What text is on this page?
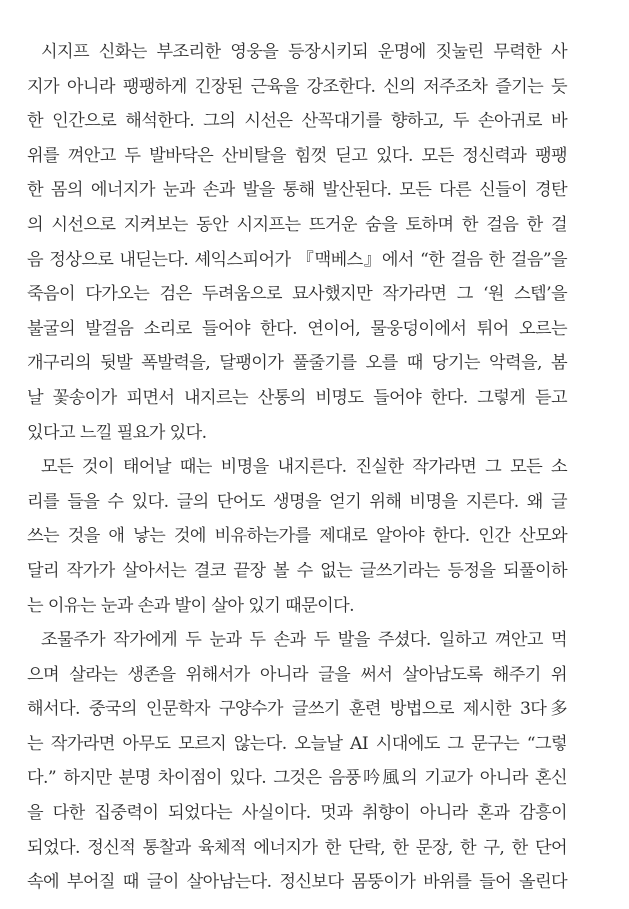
시지프 신화는 부조리한 영웅을 등장시키되 운명에 짓눌린 무력한 사
지가 아니라 팽팽하게 긴장된 근육을 강조한다. 신의 저주조차 즐기는 듯
한 인간으로 해석한다. 그의 시선은 산꼭대기를 향하고, 두 손아귀로 바
위를 껴안고 두 발바닥은 산비탈을 힘껏 딛고 있다. 모든 정신력과 팽팽
한 몸의 에너지가 눈과 손과 발을 통해 발산된다. 모든 다른 신들이 경탄
의 시선으로 지켜보는 동안 시지프는 뜨거운 숨을 토하며 한 걸음 한 걸
음 정상으로 내딛는다. 셰익스피어가 『맥베스』에서 “한 걸음 한 걸음”을
죽음이 다가오는 검은 두려움으로 묘사했지만 작가라면 그 ‘원 스텝’을
불굴의 발걸음 소리로 들어야 한다. 연이어, 물웅덩이에서 튀어 오르는
개구리의 뒷발 폭발력을, 달팽이가 풀줄기를 오를 때 당기는 악력을, 봄
날 꽃송이가 피면서 내지르는 산통의 비명도 들어야 한다. 그렇게 듣고
있다고 느낄 필요가 있다.
모든 것이 태어날 때는 비명을 내지른다. 진실한 작가라면 그 모든 소
리를 들을 수 있다. 글의 단어도 생명을 얻기 위해 비명을 지른다. 왜 글
쓰는 것을 애 낳는 것에 비유하는가를 제대로 알아야 한다. 인간 산모와
달리 작가가 살아서는 결코 끝장 볼 수 없는 글쓰기라는 등정을 되풀이하
는 이유는 눈과 손과 발이 살아 있기 때문이다.
조물주가 작가에게 두 눈과 두 손과 두 발을 주셨다. 일하고 껴안고 먹
으며 살라는 생존을 위해서가 아니라 글을 써서 살아남도록 해주기 위
해서다. 중국의 인문학자 구양수가 글쓰기 훈련 방법으로 제시한 3다多
는 작가라면 아무도 모르지 않는다. 오늘날 AI 시대에도 그 문구는 “그렇
다.” 하지만 분명 차이점이 있다. 그것은 음풍吟風의 기교가 아니라 혼신
을 다한 집중력이 되었다는 사실이다. 멋과 취향이 아니라 혼과 감흥이
되었다. 정신적 통찰과 육체적 에너지가 한 단락, 한 문장, 한 구, 한 단어
속에 부어질 때 글이 살아남는다. 정신보다 몸뚱이가 바위를 들어 올린다
